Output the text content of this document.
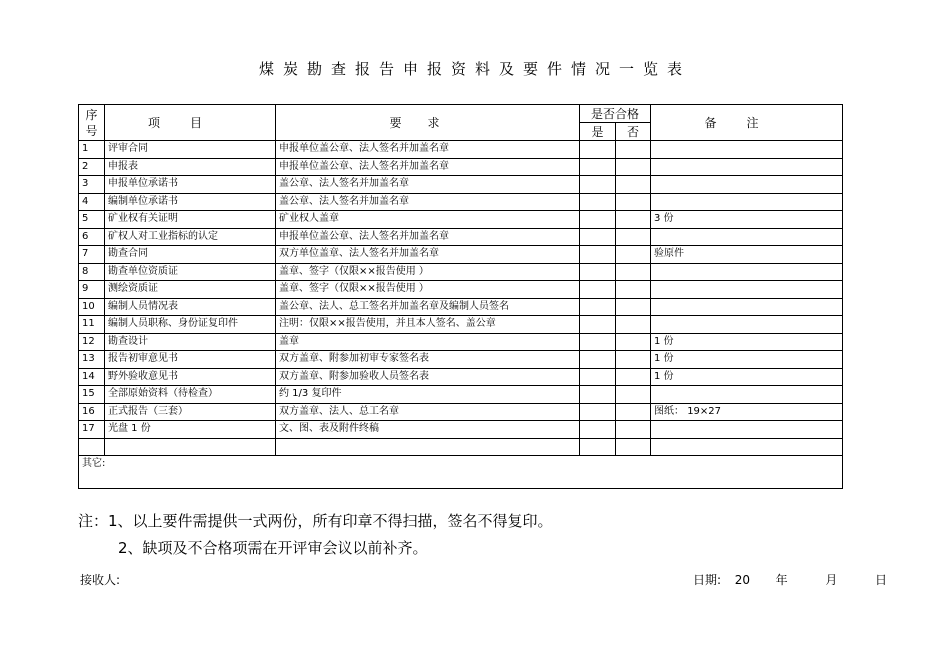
煤炭勘查报告申报资料及要件情况一览表
序号	项目	要求	是否合格		备注
			是	否	
1	评审合同	申报单位盖公章、法人签名并加盖名章			
2	申报表	申报单位盖公章、法人签名并加盖名章			
3	申报单位承诺书	盖公章、法人签名并加盖名章			
4	编制单位承诺书	盖公章、法人签名并加盖名章			
5	矿业权有关证明	矿业权人盖章			3 份
6	矿权人对工业指标的认定	申报单位盖公章、法人签名并加盖名章			
7	勘查合同	双方单位盖章、法人签名并加盖名章			验原件
8	勘查单位资质证	盖章、签字（仅限××报告使用 ）			
9	测绘资质证	盖章、签字（仅限××报告使用 ）			
10	编制人员情况表	盖公章、法人、总工签名并加盖名章及编制人员签名			
11	编制人员职称、身份证复印件	注明：仅限××报告使用，并且本人签名、盖公章			
12	勘查设计	盖章			1 份
13	报告初审意见书	双方盖章、附参加初审专家签名表			1 份
14	野外验收意见书	双方盖章、附参加验收人员签名表			1 份
15	全部原始资料（待检查）	约 1/3 复印件			
16	正式报告（三套）	双方盖章、法人、总工名章			图纸： 19×27
17	光盘 1 份	文、图、表及附件终稿			

其它:					
注：1、以上要件需提供一式两份，所有印章不得扫描，签名不得复印。
2、缺项及不合格项需在开评审会议以前补齐。
接收人:	日期: 20 年	月	日
